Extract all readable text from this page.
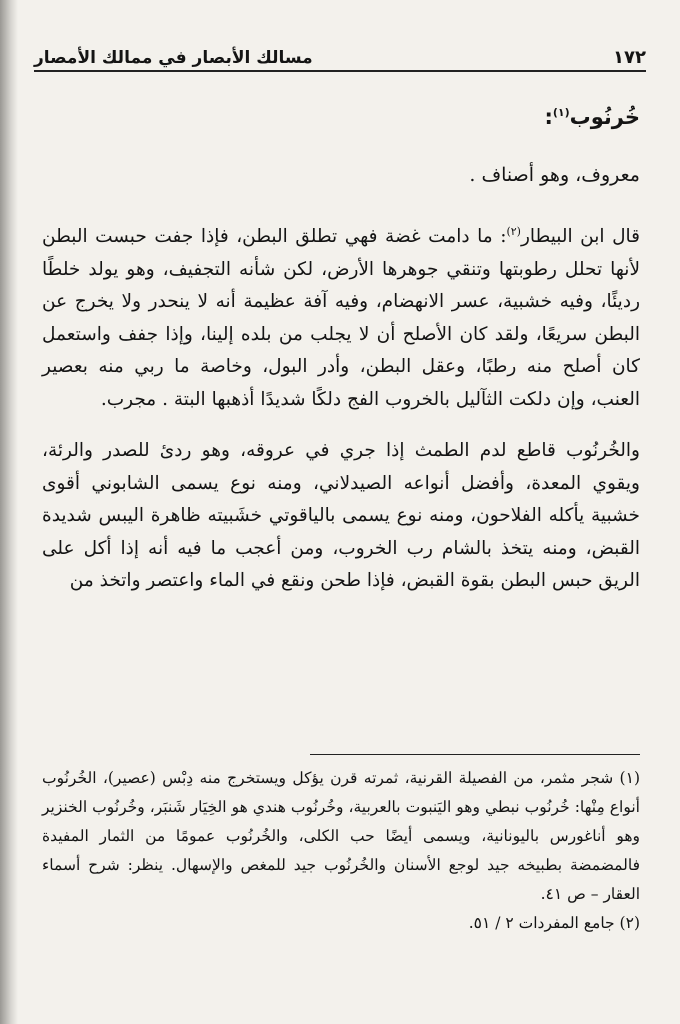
١٧٢
مسالك الأبصار في ممالك الأمصار
خُرنُوب$^{(١)}$:
معروف، وهو أصناف .

قال ابن البيطار$^{(٢)}$: ما دامت غضة فهي تطلق البطن، فإذا جفت حبست البطن لأنها تحلل رطوبتها وتنقي جوهرها الأرض، لكن شأنه التجفيف، وهو يولد خلطًا رديئًا، وفيه خشبية، عسر الانهضام، وفيه آفة عظيمة أنه لا ينحدر ولا يخرج عن البطن سريعًا، ولقد كان الأصلح أن لا يجلب من بلده إلينا، وإذا جفف واستعمل كان أصلح منه رطبًا، وعقل البطن، وأدر البول، وخاصة ما ربي منه بعصير العنب، وإن دلكت الثآليل بالخروب الفج دلكًا شديدًا أذهبها البتة . مجرب.

والخُرنُوب قاطع لدم الطمث إذا جري في عروقه، وهو ردئ للصدر والرئة، ويقوي المعدة، وأفضل أنواعه الصيدلاني، ومنه نوع يسمى الشابوني أقوى خشبية يأكله الفلاحون، ومنه نوع يسمى بالياقوتي خشَبيته ظاهرة اليبس شديدة القبض، ومنه يتخذ بالشام رب الخروب، ومن أعجب ما فيه أنه إذا أكل على الريق حبس البطن بقوة القبض، فإذا طحن ونقع في الماء واعتصر واتخذ من

(١) شجر مثمر، من الفصيلة القرنية، ثمرته قرن يؤكل ويستخرج منه دِبْس (عصير)، الخُرنُوب أنواع مِنْها: خُرنُوب نبطي وهو اليَنبوت بالعربية، وخُرنُوب هندي هو الخِيَار شَنبَر، وخُرنُوب الخنزير وهو أناغورس باليونانية، ويسمى أيضًا حب الكلى، والخُرنُوب عمومًا من الثمار المفيدة فالمضمضة بطبيخه جيد لوجع الأسنان والخُرنُوب جيد للمغص والإسهال. ينظر: شرح أسماء العقار – ص ٤١.

(٢) جامع المفردات ٢ / ٥١.
